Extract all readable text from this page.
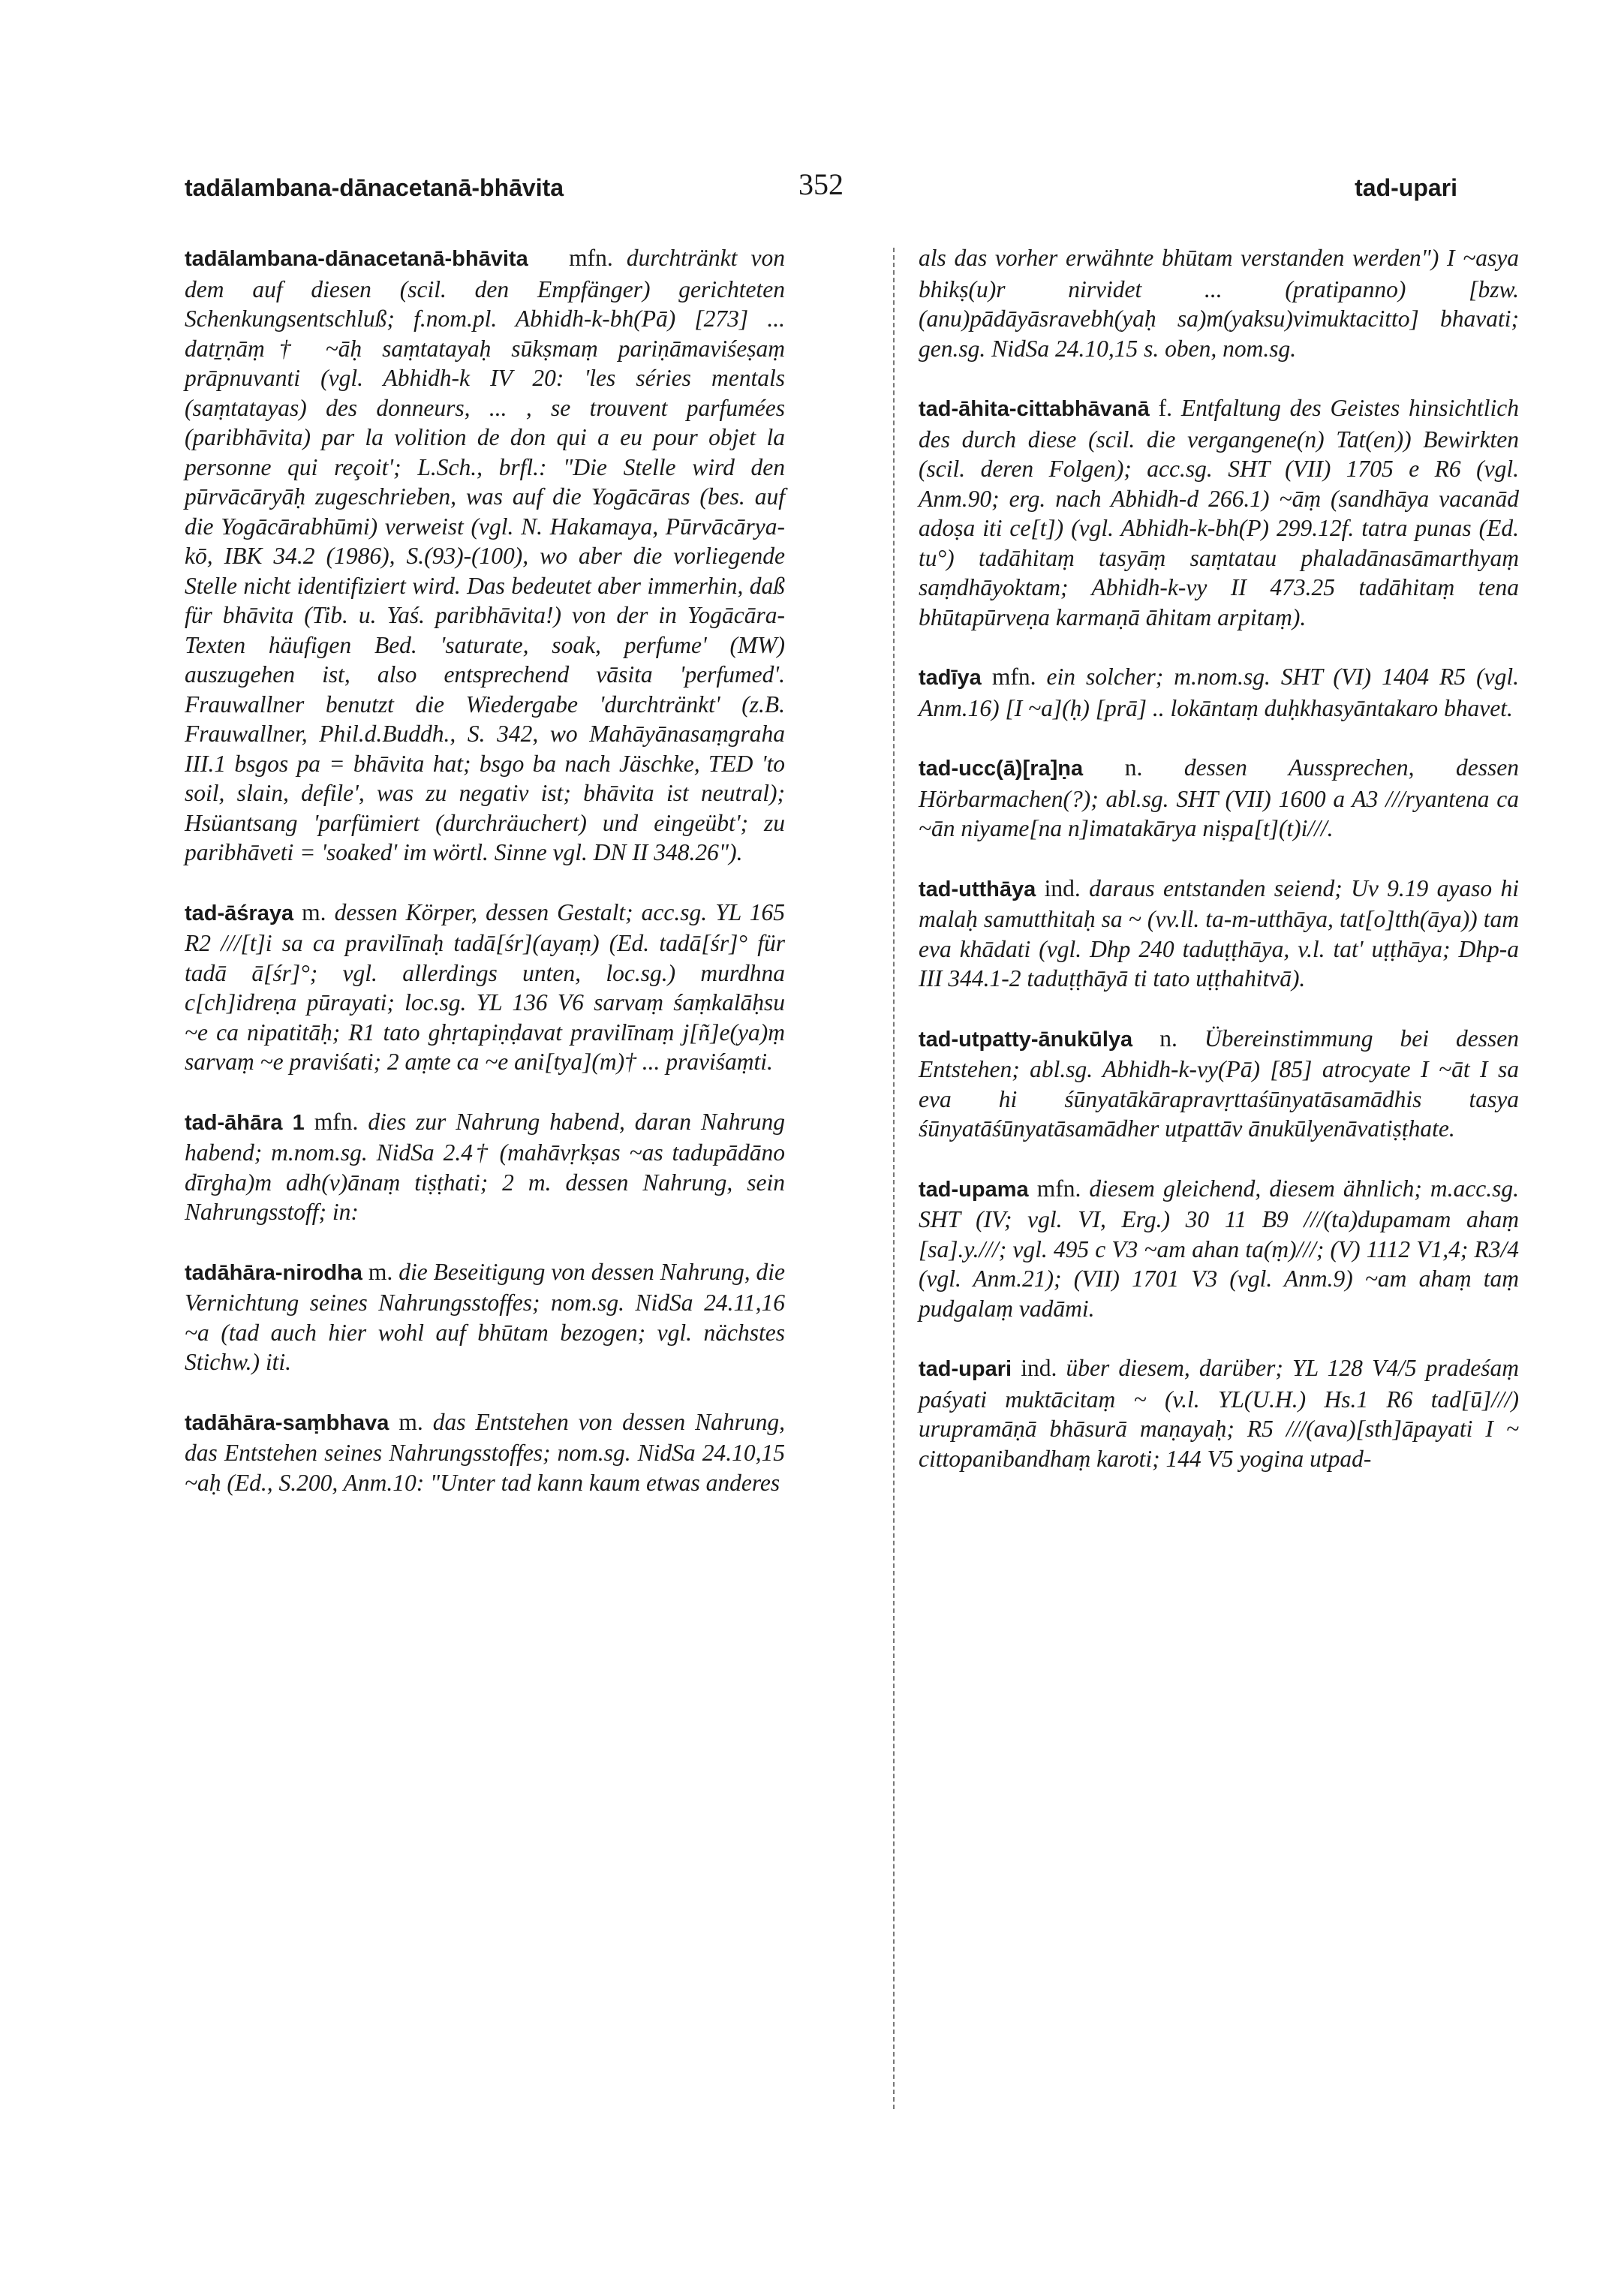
tadālambana-dānacetanā-bhāvita	352	tad-upari

tadālambana-dānacetanā-bhāvita mfn. durchtränkt von dem auf diesen (scil. den Empfänger) gerichteten Schenkungsentschluß; f.nom.pl. Abhidh-k-bh(Pā) [273] ... datṟṇāṃ† ~āḥ saṃtatayaḥ sūkṣmaṃ pariṇāmaviśeṣaṃ prāpnuvanti (vgl. Abhidh-k IV 20: 'les séries mentals (saṃtatayas) des donneurs, ... , se trouvent parfumées (paribhāvita) par la volition de don qui a eu pour objet la personne qui reçoit'; L.Sch., brfl.: "Die Stelle wird den pūrvācāryāḥ zugeschrieben, was auf die Yogācāras (bes. auf die Yogācārabhūmi) verweist (vgl. N. Hakamaya, Pūrvācārya-kō, IBK 34.2 (1986), S.(93)-(100), wo aber die vorliegende Stelle nicht identifiziert wird. Das bedeutet aber immerhin, daß für bhāvita (Tib. u. Yaś. paribhāvita!) von der in Yogācāra-Texten häufigen Bed. 'saturate, soak, perfume' (MW) auszugehen ist, also entsprechend vāsita 'perfumed'. Frauwallner benutzt die Wiedergabe 'durchtränkt' (z.B. Frauwallner, Phil.d.Buddh., S. 342, wo Mahāyānasaṃgraha III.1 bsgos pa = bhāvita hat; bsgo ba nach Jäschke, TED 'to soil, slain, defile', was zu negativ ist; bhāvita ist neutral); Hsüantsang 'parfümiert (durchräuchert) und eingeübt'; zu paribhāveti = 'soaked' im wörtl. Sinne vgl. DN II 348.26").

tad-āśraya m. dessen Körper, dessen Gestalt; acc.sg. YL 165 R2 ///[t]i sa ca pravilīnaḥ tadā[śr](ayaṃ) (Ed. tadā[śr]° für tadā ā[śr]°; vgl. allerdings unten, loc.sg.) murdhna c[ch]idreṇa pūrayati; loc.sg. YL 136 V6 sarvaṃ śaṃkalāḥsu ~e ca nipatitāḥ; R1 tato ghṛtapiṇḍavat pravilīnaṃ j[ñ]e(ya)ṃ sarvaṃ ~e praviśati; 2 aṃte ca ~e ani[tya](m)† ... praviśaṃti.

tad-āhāra 1 mfn. dies zur Nahrung habend, daran Nahrung habend; m.nom.sg. NidSa 2.4† (mahāvṛkṣas ~as tadupādāno dīrgha)m adh(v)ānaṃ tiṣṭhati; 2 m. dessen Nahrung, sein Nahrungsstoff; in:

tadāhāra-nirodha m. die Beseitigung von dessen Nahrung, die Vernichtung seines Nahrungsstoffes; nom.sg. NidSa 24.11,16 ~a (tad auch hier wohl auf bhūtam bezogen; vgl. nächstes Stichw.) iti.

tadāhāra-saṃbhava m. das Entstehen von dessen Nahrung, das Entstehen seines Nahrungsstoffes; nom.sg. NidSa 24.10,15 ~aḥ (Ed., S.200, Anm.10: "Unter tad kann kaum etwas anderes

als das vorher erwähnte bhūtam verstanden werden") I ~asya bhikṣ(u)r nirvidet ... (pratipanno) [bzw. (anu)pādāyāsravebh(yaḥ sa)m(yaksu)vimuktacitto] bhavati; gen.sg. NidSa 24.10,15 s. oben, nom.sg.

tad-āhita-cittabhāvanā f. Entfaltung des Geistes hinsichtlich des durch diese (scil. die vergangene(n) Tat(en)) Bewirkten (scil. deren Folgen); acc.sg. SHT (VII) 1705 e R6 (vgl. Anm.90; erg. nach Abhidh-d 266.1) ~āṃ (sandhāya vacanād adoṣa iti ce[t]) (vgl. Abhidh-k-bh(P) 299.12f. tatra punas (Ed. tu°) tadāhitaṃ tasyāṃ saṃtatau phaladānasāmarthyaṃ saṃdhāyoktam; Abhidh-k-vy II 473.25 tadāhitaṃ tena bhūtapūrveṇa karmaṇā āhitam arpitaṃ).

tadīya mfn. ein solcher; m.nom.sg. SHT (VI) 1404 R5 (vgl. Anm.16) [I ~a](ḥ) [prā] .. lokāntaṃ duḥkhasyāntakaro bhavet.

tad-ucc(ā)[ra]ṇa n. dessen Aussprechen, dessen Hörbarmachen(?); abl.sg. SHT (VII) 1600 a A3 ///ryantena ca ~ān niyame[na n]imatakārya niṣpa[t](t)i///.

tad-utthāya ind. daraus entstanden seiend; Uv 9.19 ayaso hi malaḥ samutthitaḥ sa ~ (vv.ll. ta-m-utthāya, tat[o]tth(āya)) tam eva khādati (vgl. Dhp 240 taduṭṭhāya, v.l. tat' uṭṭhāya; Dhp-a III 344.1-2 taduṭṭhāyā ti tato uṭṭhahitvā).

tad-utpatty-ānukūlya n. Übereinstimmung bei dessen Entstehen; abl.sg. Abhidh-k-vy(Pā) [85] atrocyate I ~āt I sa eva hi śūnyatākārapravṛttaśūnyatāsamādhis tasya śūnyatāśūnyatāsamādher utpattāv ānukūlyenāvatiṣṭhate.

tad-upama mfn. diesem gleichend, diesem ähnlich; m.acc.sg. SHT (IV; vgl. VI, Erg.) 30 11 B9 ///(ta)dupamam ahaṃ [sa].y.///; vgl. 495 c V3 ~am ahan ta(ṃ)///; (V) 1112 V1,4; R3/4 (vgl. Anm.21); (VII) 1701 V3 (vgl. Anm.9) ~am ahaṃ taṃ pudgalaṃ vadāmi.

tad-upari ind. über diesem, darüber; YL 128 V4/5 pradeśaṃ paśyati muktācitaṃ ~ (v.l. YL(U.H.) Hs.1 R6 tad[ū]///) urupramāṇā bhāsurā maṇayaḥ; R5 ///(ava)[sth]āpayati I ~ cittopanibandhaṃ karoti; 144 V5 yogina utpad-
